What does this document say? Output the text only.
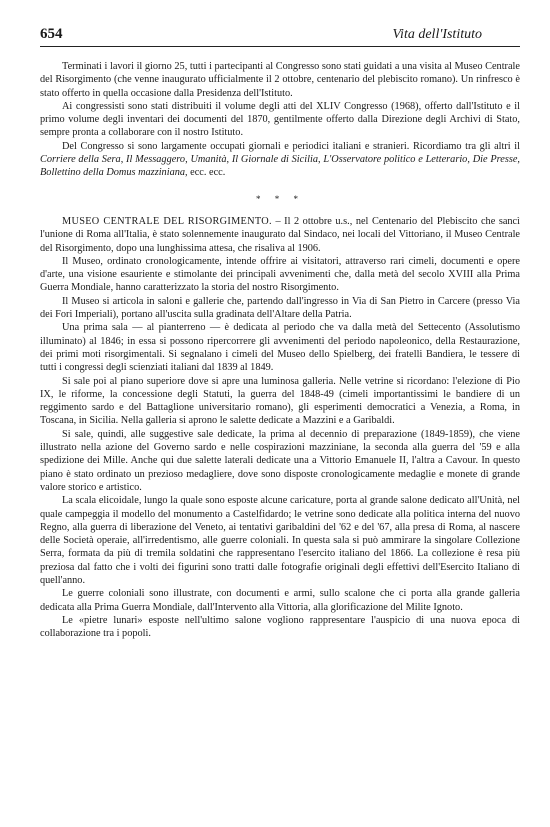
654	Vita dell'Istituto

Terminati i lavori il giorno 25, tutti i partecipanti al Congresso sono stati guidati a una visita al Museo Centrale del Risorgimento (che venne inaugurato ufficialmente il 2 ottobre, centenario del plebiscito romano). Un rinfresco è stato offerto in quella occasione dalla Presidenza dell'Istituto.

Ai congressisti sono stati distribuiti il volume degli atti del XLIV Congresso (1968), offerto dall'Istituto e il primo volume degli inventari dei documenti del 1870, gentilmente offerto dalla Direzione degli Archivi di Stato, sempre pronta a collaborare con il nostro Istituto.

Del Congresso si sono largamente occupati giornali e periodici italiani e stranieri. Ricordiamo tra gli altri il Corriere della Sera, Il Messaggero, Umanità, Il Giornale di Sicilia, L'Osservatore politico e Letterario, Die Presse, Bollettino della Domus mazziniana, ecc. ecc.

* * *

MUSEO CENTRALE DEL RISORGIMENTO. – Il 2 ottobre u.s., nel Centenario del Plebiscito che sancì l'unione di Roma all'Italia, è stato solennemente inaugurato dal Sindaco, nei locali del Vittoriano, il Museo Centrale del Risorgimento, dopo una lunghissima attesa, che risaliva al 1906.

Il Museo, ordinato cronologicamente, intende offrire ai visitatori, attraverso rari cimeli, documenti e opere d'arte, una visione esauriente e stimolante dei principali avvenimenti che, dalla metà del secolo XVIII alla Prima Guerra Mondiale, hanno caratterizzato la storia del nostro Risorgimento.

Il Museo si articola in saloni e gallerie che, partendo dall'ingresso in Via di San Pietro in Carcere (presso Via dei Fori Imperiali), portano all'uscita sulla gradinata dell'Altare della Patria.

Una prima sala — al pianterreno — è dedicata al periodo che va dalla metà del Settecento (Assolutismo illuminato) al 1846; in essa si possono ripercorrere gli avvenimenti del periodo napoleonico, della Restaurazione, dei primi moti risorgimentali. Si segnalano i cimeli del Museo dello Spielberg, dei fratelli Bandiera, le tessere di tutti i congressi degli scienziati italiani dal 1839 al 1849.

Si sale poi al piano superiore dove si apre una luminosa galleria. Nelle vetrine si ricordano: l'elezione di Pio IX, le riforme, la concessione degli Statuti, la guerra del 1848-49 (cimeli importantissimi le bandiere di un reggimento sardo e del Battaglione universitario romano), gli esperimenti democratici a Venezia, a Roma, in Toscana, in Sicilia. Nella galleria si aprono le salette dedicate a Mazzini e a Garibaldi.

Si sale, quindi, alle suggestive sale dedicate, la prima al decennio di preparazione (1849-1859), che viene illustrato nella azione del Governo sardo e nelle cospirazioni mazziniane, la seconda alla guerra del '59 e alla spedizione dei Mille. Anche qui due salette laterali dedicate una a Vittorio Emanuele II, l'altra a Cavour. In questo piano è stato ordinato un prezioso medagliere, dove sono disposte cronologicamente medaglie e monete di grande valore storico e artistico.

La scala elicoidale, lungo la quale sono esposte alcune caricature, porta al grande salone dedicato all'Unità, nel quale campeggia il modello del monumento a Castelfidardo; le vetrine sono dedicate alla politica interna del nuovo Regno, alla guerra di liberazione del Veneto, ai tentativi garibaldini del '62 e del '67, alla presa di Roma, al nascere delle Società operaie, all'irredentismo, alle guerre coloniali. In questa sala si può ammirare la singolare Collezione Serra, formata da più di tremila soldatini che rappresentano l'esercito italiano del 1866. La collezione è resa più preziosa dal fatto che i volti dei figurini sono tratti dalle fotografie originali degli effettivi dell'Esercito Italiano di quell'anno.

Le guerre coloniali sono illustrate, con documenti e armi, sullo scalone che ci porta alla grande galleria dedicata alla Prima Guerra Mondiale, dall'Intervento alla Vittoria, alla glorificazione del Milite Ignoto.

Le «pietre lunari» esposte nell'ultimo salone vogliono rappresentare l'auspicio di una nuova epoca di collaborazione tra i popoli.
